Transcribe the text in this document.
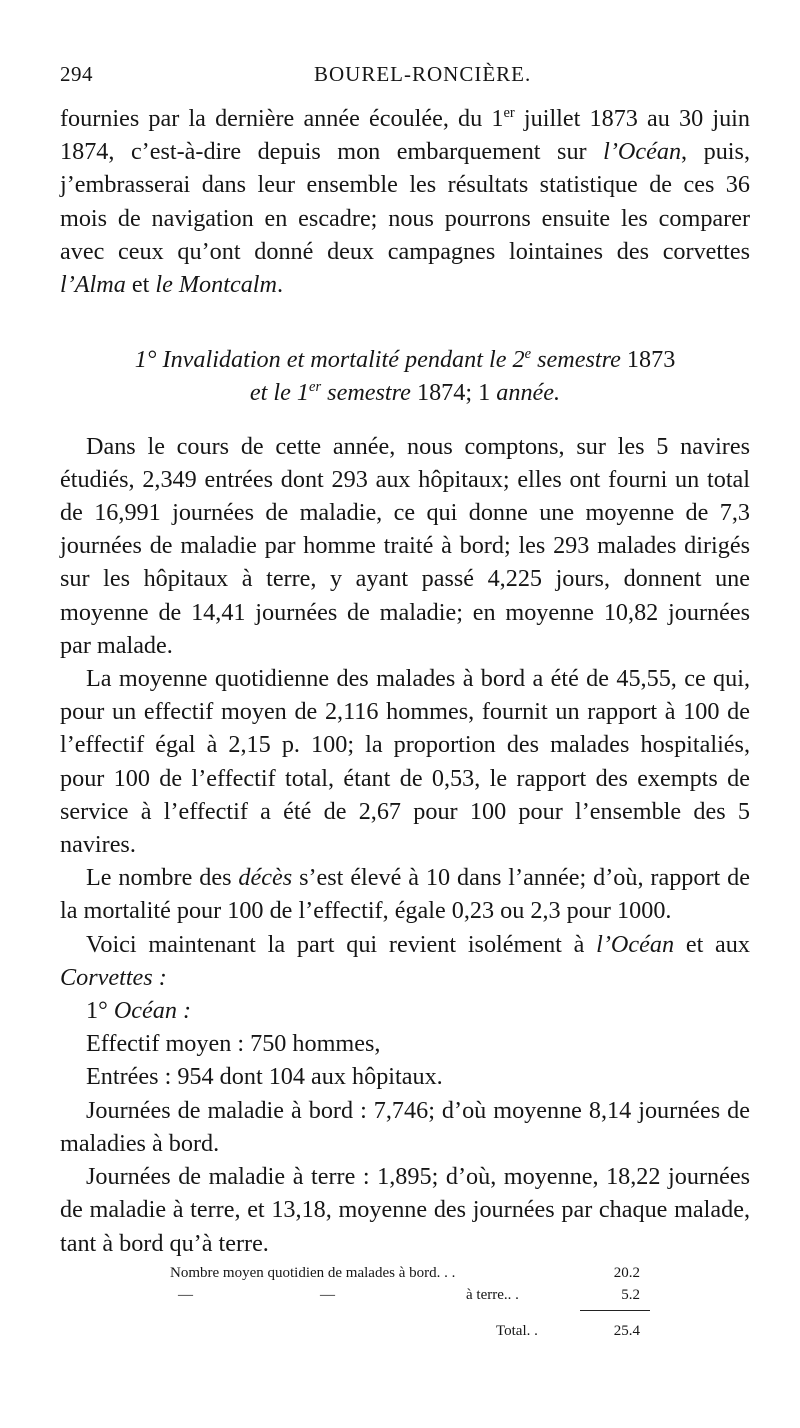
294	BOUREL-RONCIÈRE.

fournies par la dernière année écoulée, du 1er juillet 1873 au 30 juin 1874, c’est-à-dire depuis mon embarquement sur l’Océan, puis, j’embrasserai dans leur ensemble les résultats statistique de ces 36 mois de navigation en escadre; nous pourrons ensuite les comparer avec ceux qu’ont donné deux campagnes lointaines des corvettes l’Alma et le Montcalm.

1° Invalidation et mortalité pendant le 2e semestre 1873
et le 1er semestre 1874; 1 année.

Dans le cours de cette année, nous comptons, sur les 5 navires étudiés, 2,349 entrées dont 293 aux hôpitaux; elles ont fourni un total de 16,991 journées de maladie, ce qui donne une moyenne de 7,3 journées de maladie par homme traité à bord; les 293 malades dirigés sur les hôpitaux à terre, y ayant passé 4,225 jours, donnent une moyenne de 14,41 journées de maladie; en moyenne 10,82 journées par malade.

La moyenne quotidienne des malades à bord a été de 45,55, ce qui, pour un effectif moyen de 2,116 hommes, fournit un rapport à 100 de l’effectif égal à 2,15 p. 100; la proportion des malades hospitaliés, pour 100 de l’effectif total, étant de 0,53, le rapport des exempts de service à l’effectif a été de 2,67 pour 100 pour l’ensemble des 5 navires.

Le nombre des décès s’est élevé à 10 dans l’année; d’où, rapport de la mortalité pour 100 de l’effectif, égale 0,23 ou 2,3 pour 1000.

Voici maintenant la part qui revient isolément à l’Océan et aux Corvettes :

1° Océan :

Effectif moyen : 750 hommes,

Entrées : 954 dont 104 aux hôpitaux.

Journées de maladie à bord : 7,746; d’où moyenne 8,14 journées de maladies à bord.

Journées de maladie à terre : 1,895; d’où, moyenne, 18,22 journées de maladie à terre, et 13,18, moyenne des journées par chaque malade, tant à bord qu’à terre.

Nombre moyen quotidien de malades à bord. . .	20.2
—	—	à terre.. .	5.2
Total. .	25.4
